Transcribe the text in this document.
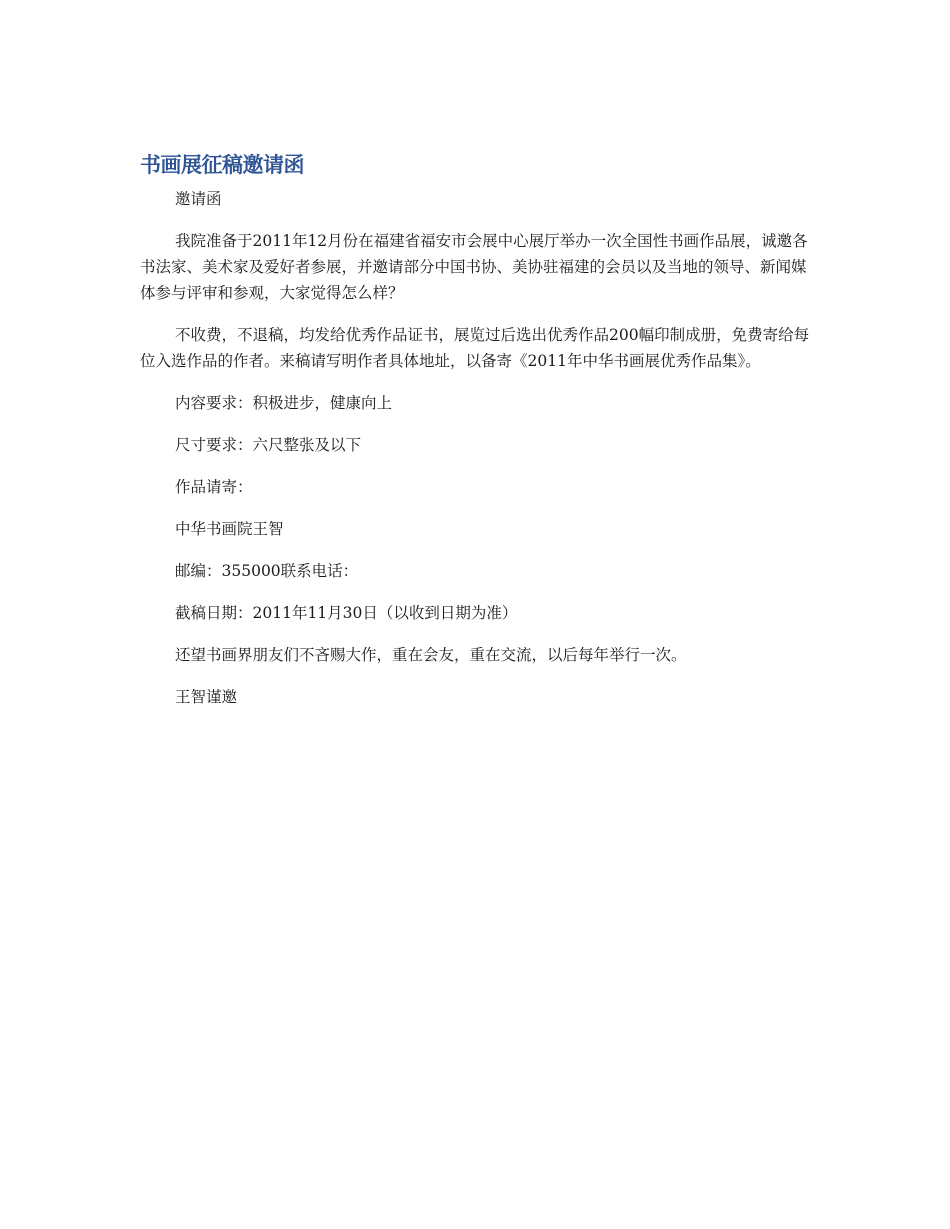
书画展征稿邀请函

邀请函

我院准备于2011年12月份在福建省福安市会展中心展厅举办一次全国性书画作品展，诚邀各书法家、美术家及爱好者参展，并邀请部分中国书协、美协驻福建的会员以及当地的领导、新闻媒体参与评审和参观，大家觉得怎么样？

不收费，不退稿，均发给优秀作品证书，展览过后选出优秀作品200幅印制成册，免费寄给每位入选作品的作者。来稿请写明作者具体地址，以备寄《2011年中华书画展优秀作品集》。

内容要求：积极进步，健康向上

尺寸要求：六尺整张及以下

作品请寄：

中华书画院王智

邮编：355000联系电话：

截稿日期：2011年11月30日（以收到日期为准）

还望书画界朋友们不吝赐大作，重在会友，重在交流，以后每年举行一次。

王智谨邀
